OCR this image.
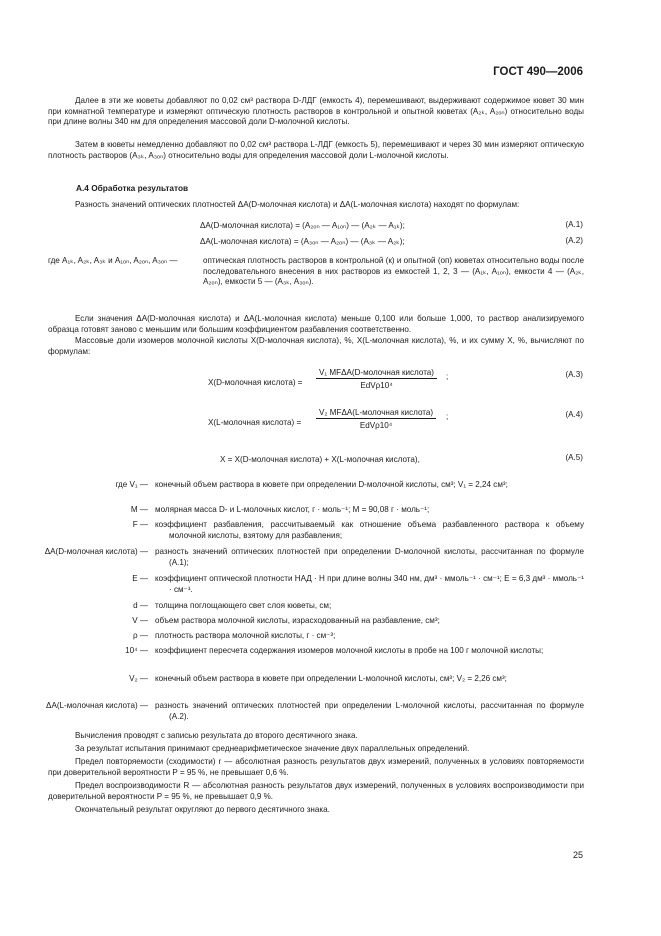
ГОСТ 490—2006
Далее в эти же кюветы добавляют по 0,02 см³ раствора D-ЛДГ (емкость 4), перемешивают, выдерживают содержимое кювет 30 мин при комнатной температуре и измеряют оптическую плотность растворов в контрольной и опытной кюветах (A₂ₖ, A₂ₒₙ) относительно воды при длине волны 340 нм для определения массовой доли D-молочной кислоты.
Затем в кюветы немедленно добавляют по 0,02 см³ раствора L-ЛДГ (емкость 5), перемешивают и через 30 мин измеряют оптическую плотность растворов (A₃ₖ, A₃ₒₙ) относительно воды для определения массовой доли L-молочной кислоты.
А.4 Обработка результатов
Разность значений оптических плотностей ΔA(D-молочная кислота) и ΔA(L-молочная кислота) находят по формулам:
ΔA(D-молочная кислота) = (A₂ₒₙ — A₁ₒₙ) — (A₂ₖ — A₁ₖ);	(А.1)
ΔA(L-молочная кислота) = (A₃ₒₙ — A₂ₒₙ) — (A₃ₖ — A₂ₖ);	(А.2)
где A₁ₖ, A₂ₖ, A₃ₖ и A₁ₒₙ, A₂ₒₙ, A₃ₒₙ —	оптическая плотность растворов в контрольной (к) и опытной (оп) кюветах относительно воды после последовательного внесения в них растворов из емкостей 1, 2, 3 — (A₁ₖ, A₁ₒₙ), емкости 4 — (A₂ₖ, A₂ₒₙ), емкости 5 — (A₃ₖ, A₃ₒₙ).
Если значения ΔA(D-молочная кислота) и ΔA(L-молочная кислота) меньше 0,100 или больше 1,000, то раствор анализируемого образца готовят заново с меньшим или большим коэффициентом разбавления соответственно.
Массовые доли изомеров молочной кислоты X(D-молочная кислота), %, X(L-молочная кислота), %, и их сумму X, %, вычисляют по формулам:
X(D-молочная кислота) =
V₁ MFΔA(D-молочная кислота)
EdVρ10⁴
;	(А.3)
X(L-молочная кислота) =
V₂ MFΔA(L-молочная кислота)
EdVρ10⁴
;	(А.4)
X = X(D-молочная кислота) + X(L-молочная кислота),	(А.5)
где V₁ — конечный объем раствора в кювете при определении D-молочной кислоты, см³; V₁ = 2,24 см³;
M — молярная масса D- и L-молочных кислот, г · моль⁻¹; M = 90,08 г · моль⁻¹;
F — коэффициент разбавления, рассчитываемый как отношение объема разбавленного раствора к объему молочной кислоты, взятому для разбавления;
ΔA(D-молочная кислота) — разность значений оптических плотностей при определении D-молочной кислоты, рассчитанная по формуле (А.1);
E — коэффициент оптической плотности НАД · Н при длине волны 340 нм, дм³ · ммоль⁻¹ · см⁻¹; E = 6,3 дм³ · ммоль⁻¹ · см⁻¹.
d — толщина поглощающего свет слоя кюветы, см;
V — объем раствора молочной кислоты, израсходованный на разбавление, см³;
ρ — плотность раствора молочной кислоты, г · см⁻³;
10⁴ — коэффициент пересчета содержания изомеров молочной кислоты в пробе на 100 г молочной кислоты;
V₂ — конечный объем раствора в кювете при определении L-молочной кислоты, см³; V₂ = 2,26 см³;
ΔA(L-молочная кислота) — разность значений оптических плотностей при определении L-молочной кислоты, рассчитанная по формуле (А.2).
Вычисления проводят с записью результата до второго десятичного знака.
За результат испытания принимают среднеарифметическое значение двух параллельных определений.
Предел повторяемости (сходимости) r — абсолютная разность результатов двух измерений, полученных в условиях повторяемости при доверительной вероятности P = 95 %, не превышает 0,6 %.
Предел воспроизводимости R — абсолютная разность результатов двух измерений, полученных в условиях воспроизводимости при доверительной вероятности P = 95 %, не превышает 0,9 %.
Окончательный результат округляют до первого десятичного знака.
25
